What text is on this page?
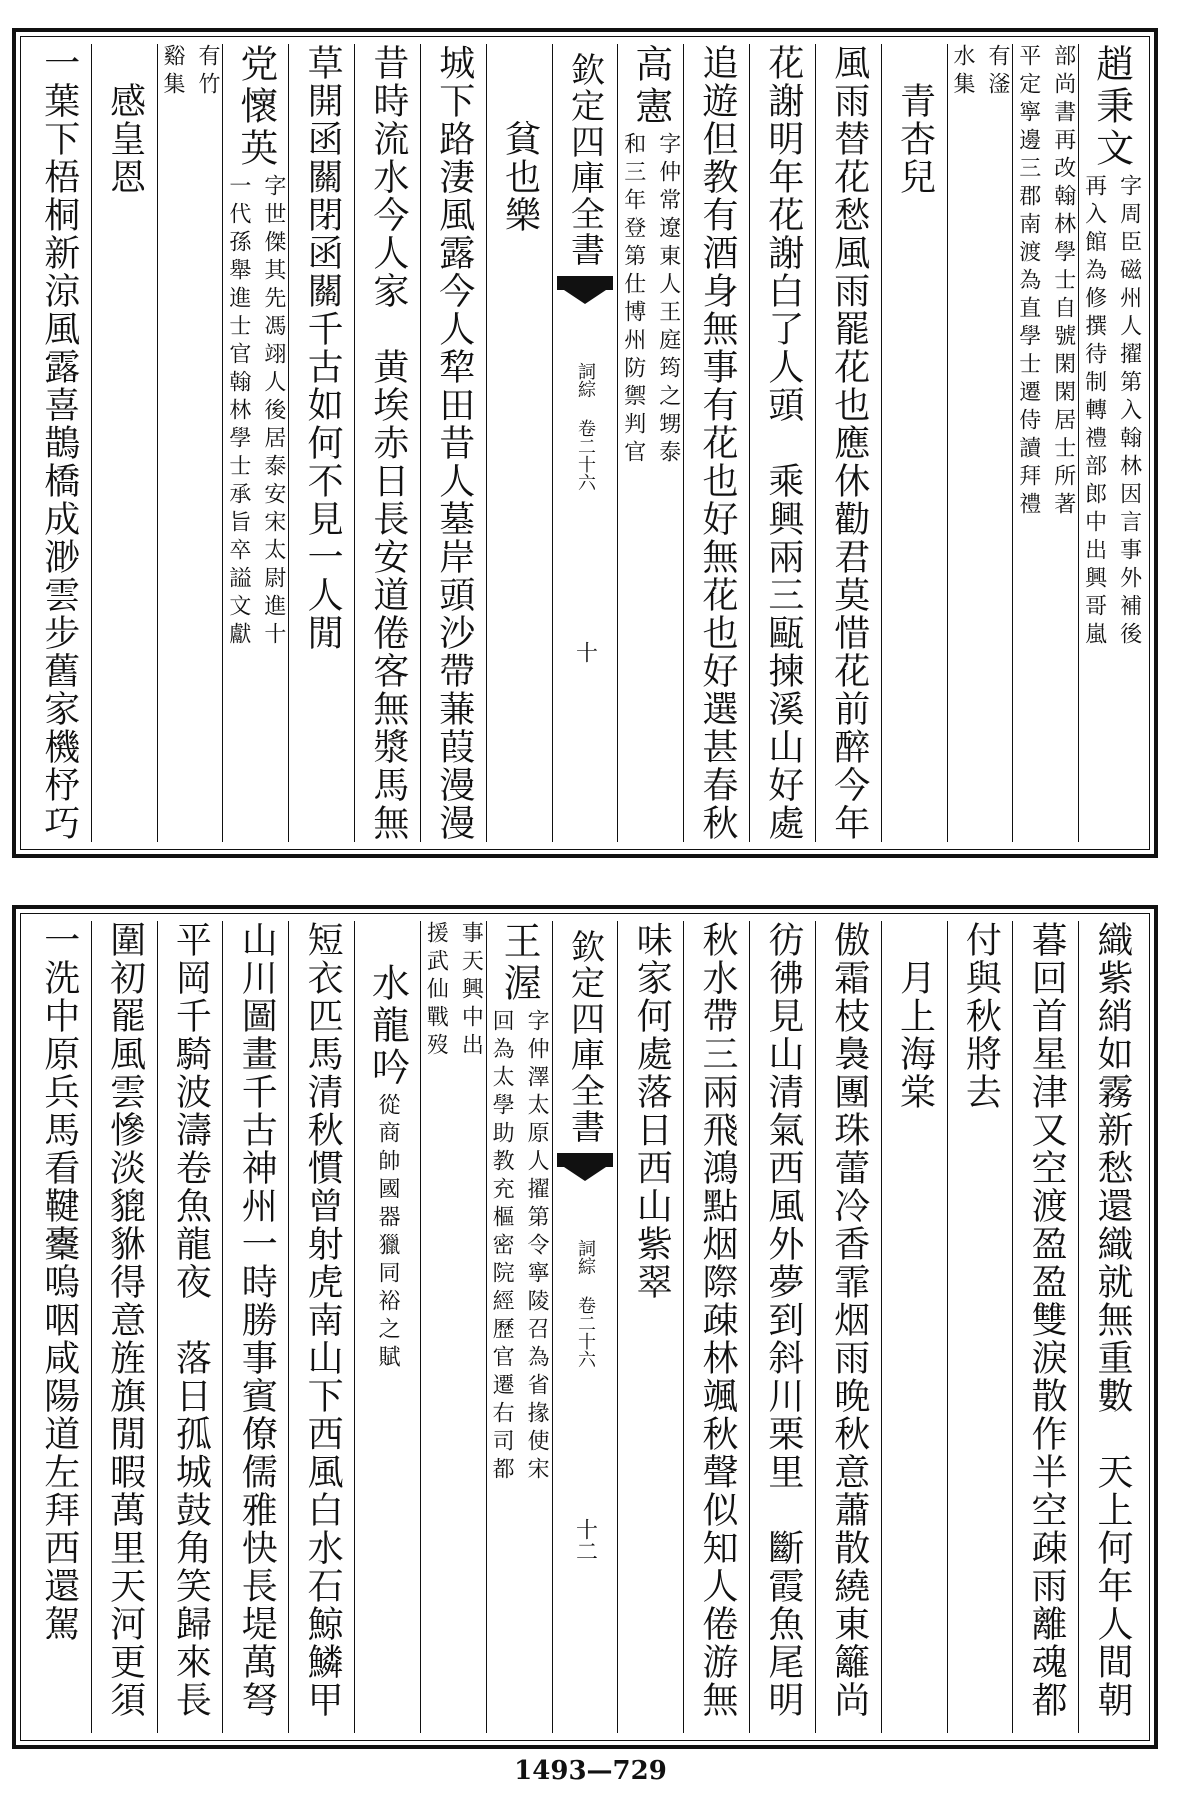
趙秉文
字周臣磁州人擢第入翰林因言事外補後
再入館為修撰待制轉禮部郎中出興哥嵐
部尚書再改翰林學士自號閑閑居士所著
平定寧邊三郡南渡為直學士遷侍讀拜禮
有滏
水集
　青杏兒
風雨替花愁風雨罷花也應休勸君莫惜花前醉今年
花謝明年花謝白了人頭　乘興兩三甌揀溪山好處
追遊但教有酒身無事有花也好無花也好選甚春秋
高
憲
字仲常遼東人王庭筠之甥泰
和三年登第仕博州防禦判官
欽定四庫全書
詞綜 卷二十六
十
　　貧也樂
城下路淒風露今人犂田昔人墓岸頭沙帶蒹葭漫漫
昔時流水今人家　黄埃赤日長安道倦客無漿馬無
草開函關閉函關千古如何不見一人閒
党懷英
字世傑其先馮翊人後居泰安宋太尉進十
一代孫舉進士官翰林學士承旨卒謚文獻
有竹
谿集
　感皇恩
一葉下梧桐新涼風露喜鵲橋成渺雲步舊家機杼巧
織紫綃如霧新愁還織就無重數　天上何年人間朝
暮回首星津又空渡盈盈雙淚散作半空疎雨離魂都
付與秋將去
　月上海棠
傲霜枝裊團珠蕾冷香霏烟雨晚秋意蕭散繞東籬尚
彷彿見山清氣西風外夢到斜川栗里　斷霞魚尾明
秋水帶三兩飛鴻點烟際疎林颯秋聲似知人倦游無
味家何處落日西山紫翠
欽定四庫全書
詞綜 卷二十六
十二
王
渥
字仲澤太原人擢第令寧陵召為省掾使宋
回為太學助教充樞密院經歷官遷右司都
事天興中出
援武仙戰歿
　水龍吟
從商帥國器獵同裕之賦
短衣匹馬清秋慣曾射虎南山下西風白水石鯨鱗甲
山川圖畫千古神州一時勝事賓僚儒雅快長堤萬弩
平岡千騎波濤卷魚龍夜　落日孤城鼓角笑歸來長
圍初罷風雲慘淡貔貅得意旌旗閒暇萬里天河更須
一洗中原兵馬看鞬櫜嗚咽咸陽道左拜西還駕
1493—729
